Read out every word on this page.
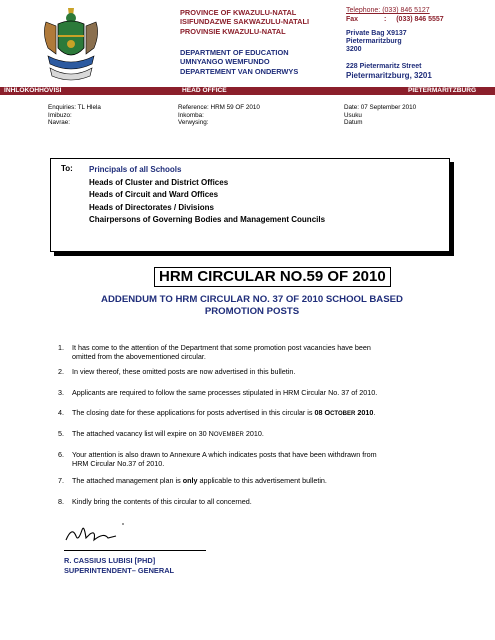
PROVINCE OF KWAZULU-NATAL
ISIFUNDAZWE SAKWAZULU-NATALI
PROVINSIE KWAZULU-NATAL
DEPARTMENT OF EDUCATION
UMNYANGO WEMFUNDO
DEPARTEMENT VAN ONDERWYS
Telephone: (033) 846 5127
Fax	: (033) 846 5557
Private Bag X9137
Pietermaritzburg
3200
228 Pietermaritz Street
Pietermaritzburg, 3201
INHLOKOHHOVISI	HEAD OFFICE	PIETERMARITZBURG
Enquiries: TL Hlela
Imibuzo:
Navrae:
Reference: HRM 59 OF 2010
Inkomba:
Verwysing:
Date: 07 September 2010
Usuku
Datum
To: Principals of all Schools
Heads of Cluster and District Offices
Heads of Circuit and Ward Offices
Heads of Directorates / Divisions
Chairpersons of Governing Bodies and Management Councils
HRM CIRCULAR NO.59 OF 2010
ADDENDUM TO HRM CIRCULAR NO. 37 OF 2010 SCHOOL BASED
PROMOTION POSTS
1. It has come to the attention of the Department that some promotion post vacancies have been
omitted from the abovementioned circular.
2. In view thereof, these omitted posts are now advertised in this bulletin.
3. Applicants are required to follow the same processes stipulated in HRM Circular No. 37 of 2010.
4. The closing date for these applications for posts advertised in this circular is 08 OCTOBER 2010.
5. The attached vacancy list will expire on 30 NOVEMBER 2010.
6. Your attention is also drawn to Annexure A which indicates posts that have been withdrawn from
HRM Circular No.37 of 2010.
7. The attached management plan is only applicable to this advertisement bulletin.
8. Kindly bring the contents of this circular to all concerned.
R. CASSIUS LUBISI [PHD]
SUPERINTENDENT– GENERAL
